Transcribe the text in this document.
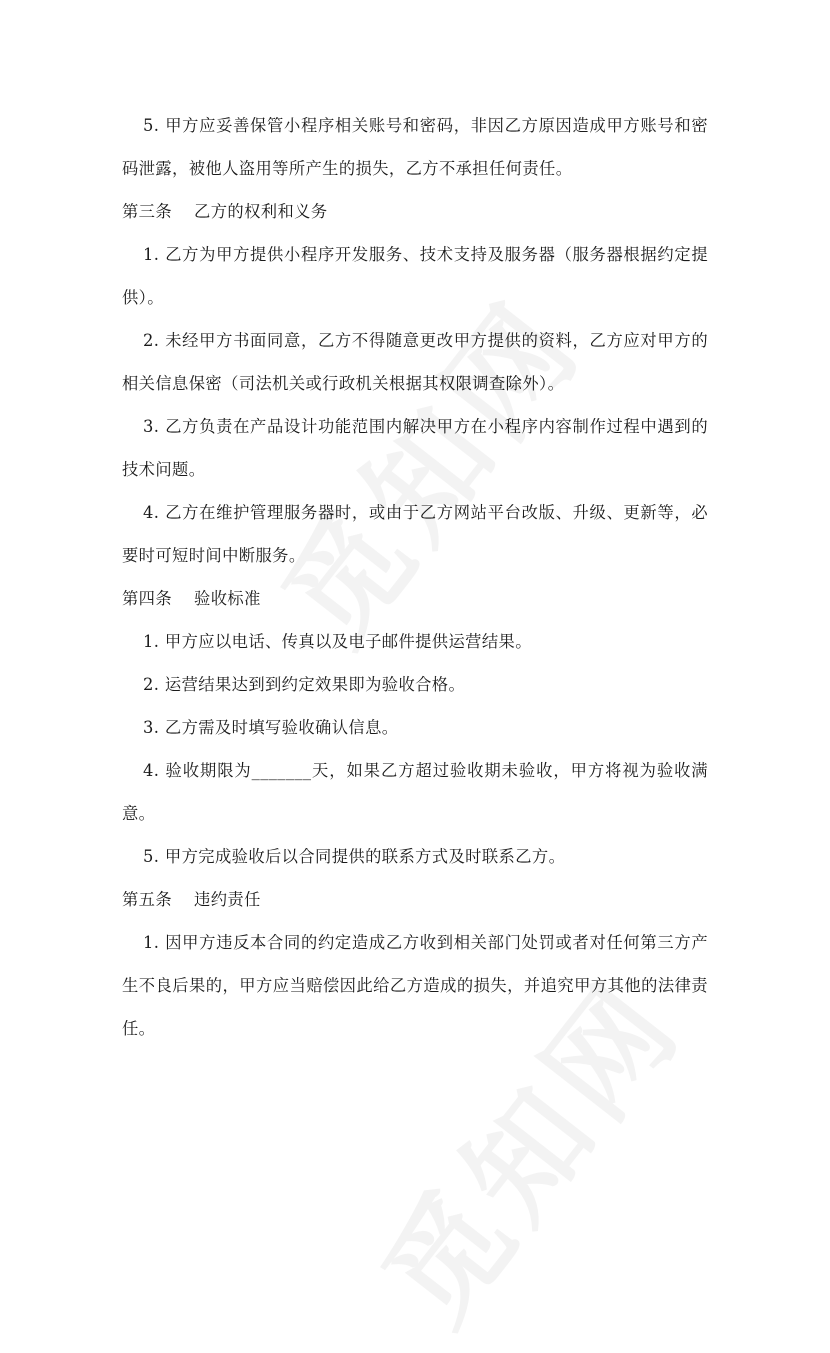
5. 甲方应妥善保管小程序相关账号和密码，非因乙方原因造成甲方账号和密码泄露，被他人盗用等所产生的损失，乙方不承担任何责任。

第三条 乙方的权利和义务

1. 乙方为甲方提供小程序开发服务、技术支持及服务器（服务器根据约定提供）。

2. 未经甲方书面同意，乙方不得随意更改甲方提供的资料，乙方应对甲方的相关信息保密（司法机关或行政机关根据其权限调查除外）。

3. 乙方负责在产品设计功能范围内解决甲方在小程序内容制作过程中遇到的技术问题。

4. 乙方在维护管理服务器时，或由于乙方网站平台改版、升级、更新等，必要时可短时间中断服务。

第四条 验收标准

1. 甲方应以电话、传真以及电子邮件提供运营结果。

2. 运营结果达到到约定效果即为验收合格。

3. 乙方需及时填写验收确认信息。

4. 验收期限为_______天，如果乙方超过验收期未验收，甲方将视为验收满意。

5. 甲方完成验收后以合同提供的联系方式及时联系乙方。

第五条 违约责任

1. 因甲方违反本合同的约定造成乙方收到相关部门处罚或者对任何第三方产生不良后果的，甲方应当赔偿因此给乙方造成的损失，并追究甲方其他的法律责任。
